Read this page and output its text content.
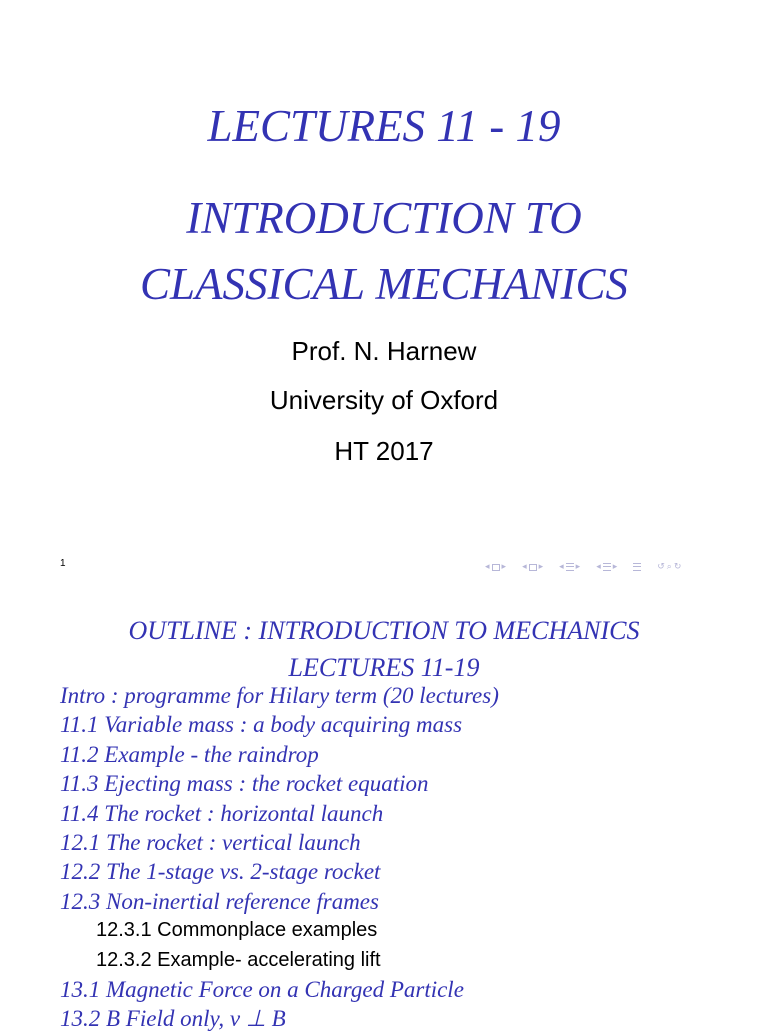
LECTURES 11 - 19
INTRODUCTION TO
CLASSICAL MECHANICS

Prof. N. Harnew

University of Oxford

HT 2017

1	◂ ▸ ◂ ▸ ◂ ▸ ◂ ▸	↺ ⌕ ↻
OUTLINE : INTRODUCTION TO MECHANICS
LECTURES 11-19
Intro : programme for Hilary term (20 lectures)
11.1 Variable mass : a body acquiring mass
11.2 Example - the raindrop
11.3 Ejecting mass : the rocket equation
11.4 The rocket : horizontal launch
12.1 The rocket : vertical launch
12.2 The 1-stage vs. 2-stage rocket
12.3 Non-inertial reference frames
12.3.1 Commonplace examples
12.3.2 Example- accelerating lift
13.1 Magnetic Force on a Charged Particle
13.2 B Field only, v ⊥ B
